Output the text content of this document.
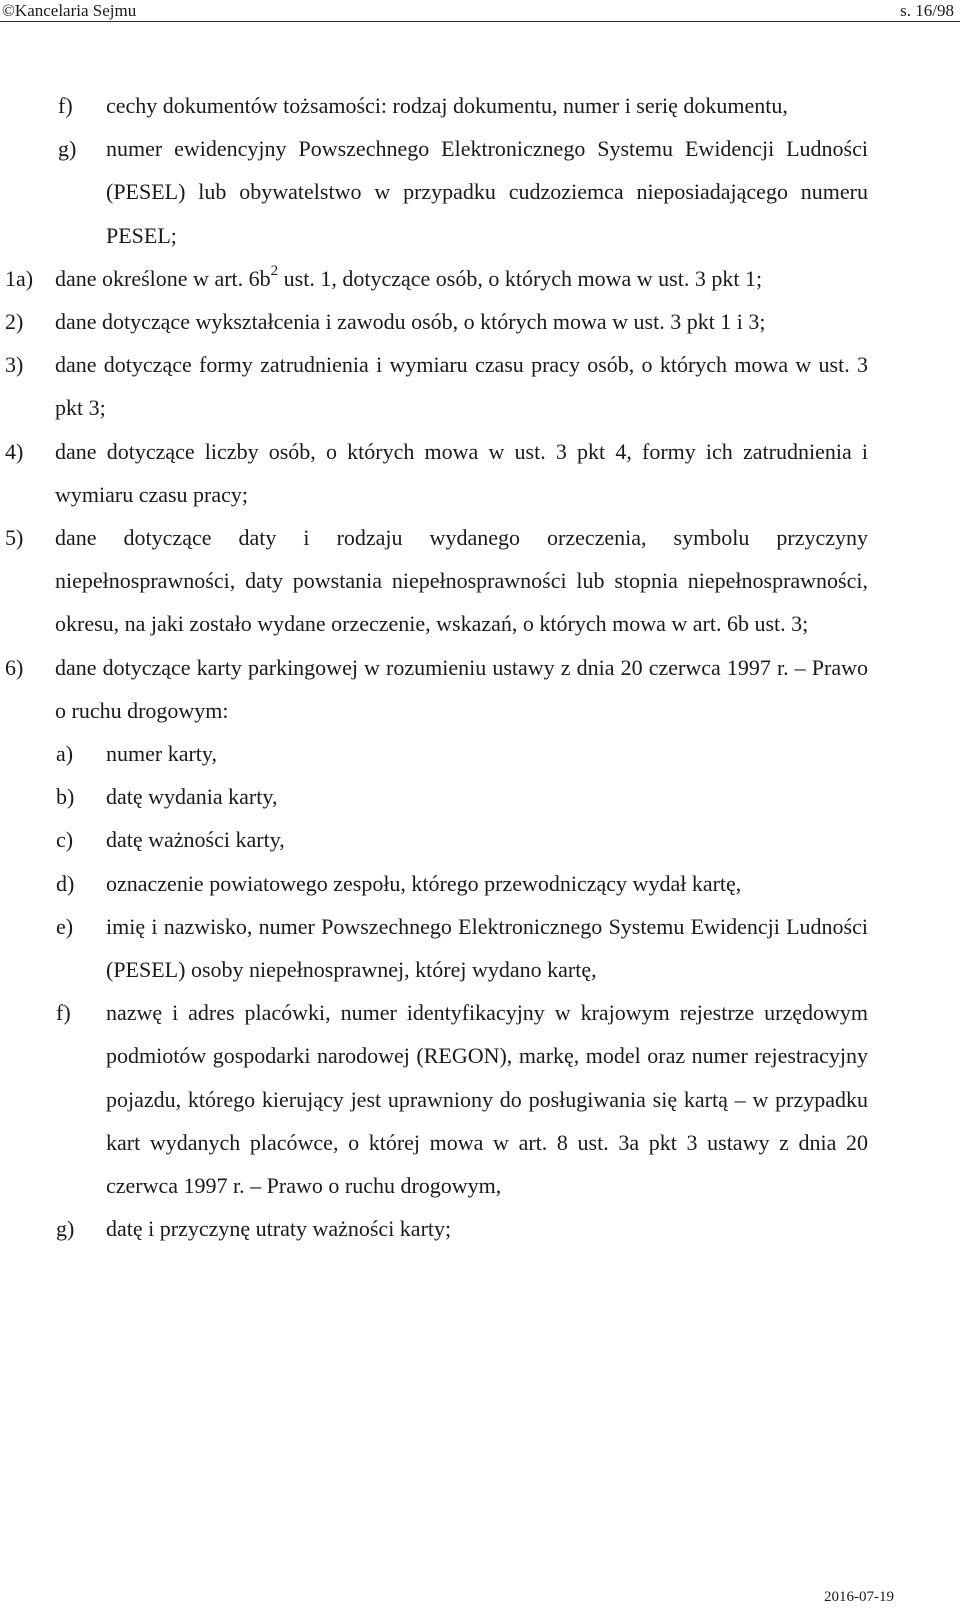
©Kancelaria Sejmu	s. 16/98
f) cechy dokumentów tożsamości: rodzaj dokumentu, numer i serię dokumentu,
g) numer ewidencyjny Powszechnego Elektronicznego Systemu Ewidencji Ludności (PESEL) lub obywatelstwo w przypadku cudzoziemca nieposiadającego numeru PESEL;
1a) dane określone w art. $6b^2$ ust. 1, dotyczące osób, o których mowa w ust. 3 pkt 1;
2) dane dotyczące wykształcenia i zawodu osób, o których mowa w ust. 3 pkt 1 i 3;
3) dane dotyczące formy zatrudnienia i wymiaru czasu pracy osób, o których mowa w ust. 3 pkt 3;
4) dane dotyczące liczby osób, o których mowa w ust. 3 pkt 4, formy ich zatrudnienia i wymiaru czasu pracy;
5) dane dotyczące daty i rodzaju wydanego orzeczenia, symbolu przyczyny niepełnosprawności, daty powstania niepełnosprawności lub stopnia niepełnosprawności, okresu, na jaki zostało wydane orzeczenie, wskazań, o których mowa w art. 6b ust. 3;
6) dane dotyczące karty parkingowej w rozumieniu ustawy z dnia 20 czerwca 1997 r. – Prawo o ruchu drogowym:
a) numer karty,
b) datę wydania karty,
c) datę ważności karty,
d) oznaczenie powiatowego zespołu, którego przewodniczący wydał kartę,
e) imię i nazwisko, numer Powszechnego Elektronicznego Systemu Ewidencji Ludności (PESEL) osoby niepełnosprawnej, której wydano kartę,
f) nazwę i adres placówki, numer identyfikacyjny w krajowym rejestrze urzędowym podmiotów gospodarki narodowej (REGON), markę, model oraz numer rejestracyjny pojazdu, którego kierujący jest uprawniony do posługiwania się kartą – w przypadku kart wydanych placówce, o której mowa w art. 8 ust. 3a pkt 3 ustawy z dnia 20 czerwca 1997 r. – Prawo o ruchu drogowym,
g) datę i przyczynę utraty ważności karty;
2016-07-19
